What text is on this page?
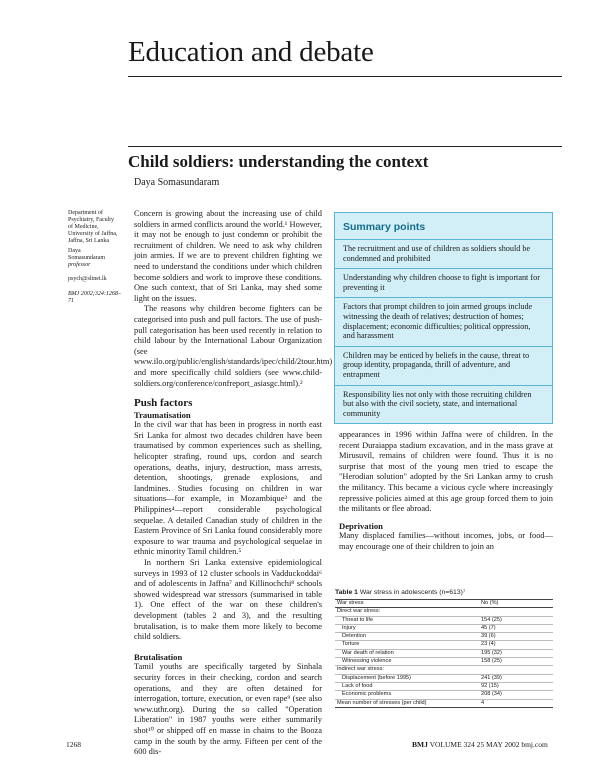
Education and debate
Child soldiers: understanding the context
Daya Somasundaram
Department of
Psychiatry, Faculty
of Medicine,
University of Jaffna,
Jaffna, Sri Lanka
Daya
Somasundaram
professor
psych@sltnet.lk
BMJ 2002;324:1268–71

Concern is growing about the increasing use of child soldiers in armed conflicts around the world.¹ However, it may not be enough to just condemn or prohibit the recruitment of children. We need to ask why children join armies. If we are to prevent children fighting we need to understand the conditions under which children become soldiers and work to improve these conditions. One such context, that of Sri Lanka, may shed some light on the issues.

The reasons why children become fighters can be categorised into push and pull factors. The use of push-pull categorisation has been used recently in relation to child labour by the International Labour Organization (see www.ilo.org/public/english/standards/ipec/child/2tour.htm) and more specifically child soldiers (see www.child-soldiers.org/conference/confreport_asiasgc.html).²

Push factors
Traumatisation

In the civil war that has been in progress in north east Sri Lanka for almost two decades children have been traumatised by common experiences such as shelling, helicopter strafing, round ups, cordon and search operations, deaths, injury, destruction, mass arrests, detention, shootings, grenade explosions, and landmines. Studies focusing on children in war situations—for example, in Mozambique³ and the Philippines⁴—report considerable psychological sequelae. A detailed Canadian study of children in the Eastern Province of Sri Lanka found considerably more exposure to war trauma and psychological sequelae in ethnic minority Tamil children.⁵

In northern Sri Lanka extensive epidemiological surveys in 1993 of 12 cluster schools in Vadduckoddai⁶ and of adolescents in Jaffna⁷ and Killinochchi⁸ schools showed widespread war stressors (summarised in table 1). One effect of the war on these children's development (tables 2 and 3), and the resulting brutalisation, is to make them more likely to become child soldiers.

Brutalisation

Tamil youths are specifically targeted by Sinhala security forces in their checking, cordon and search operations, and they are often detained for interrogation, torture, execution, or even rape⁹ (see also www.uthr.org). During the so called "Operation Liberation" in 1987 youths were either summarily shot¹⁰ or shipped off en masse in chains to the Booza camp in the south by the army. Fifteen per cent of the 600 dis-

Summary points
The recruitment and use of children as soldiers should be condemned and prohibited
Understanding why children choose to fight is important for preventing it
Factors that prompt children to join armed groups include witnessing the death of relatives; destruction of homes; displacement; economic difficulties; political oppression, and harassment
Children may be enticed by beliefs in the cause, threat to group identity, propaganda, thrill of adventure, and entrapment
Responsibility lies not only with those recruiting children but also with the civil society, state, and international community

appearances in 1996 within Jaffna were of children. In the recent Duraiappa stadium excavation, and in the mass grave at Mirusuvil, remains of children were found. Thus it is no surprise that most of the young men tried to escape the "Herodian solution" adopted by the Sri Lankan army to crush the militancy. This became a vicious cycle where increasingly repressive policies aimed at this age group forced them to join the militants or flee abroad.

Deprivation

Many displaced families—without incomes, jobs, or food—may encourage one of their children to join an

Table 1 War stress in adolescents (n=613)⁷
War stress	No (%)
Direct war stress:	
Threat to life	154 (25)
Injury	45 (7)
Detention	39 (6)
Torture	23 (4)
War death of relation	195 (32)
Witnessing violence	158 (25)
Indirect war stress:	
Displacement (before 1995)	241 (39)
Lack of food	92 (15)
Economic problems	208 (34)
Mean number of stresses (per child)	4
1268	BMJ VOLUME 324 25 MAY 2002 bmj.com
